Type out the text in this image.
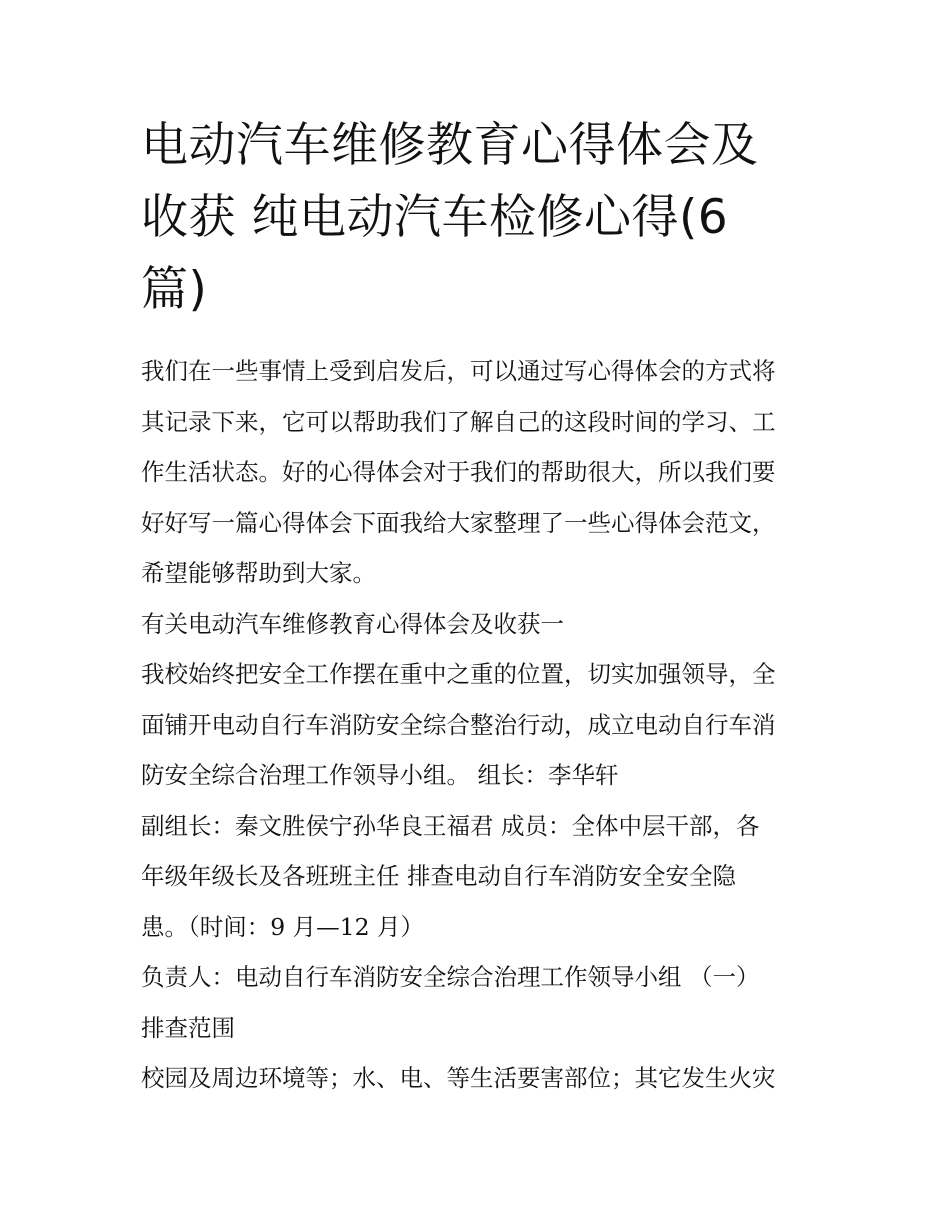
电动汽车维修教育心得体会及
收获 纯电动汽车检修心得(6
篇)
我们在一些事情上受到启发后，可以通过写心得体会的方式将
其记录下来，它可以帮助我们了解自己的这段时间的学习、工
作生活状态。好的心得体会对于我们的帮助很大，所以我们要
好好写一篇心得体会下面我给大家整理了一些心得体会范文，
希望能够帮助到大家。
有关电动汽车维修教育心得体会及收获一
我校始终把安全工作摆在重中之重的位置，切实加强领导，全
面铺开电动自行车消防安全综合整治行动，成立电动自行车消
防安全综合治理工作领导小组。 组长：李华轩
副组长：秦文胜侯宁孙华良王福君 成员：全体中层干部，各
年级年级长及各班班主任 排查电动自行车消防安全安全隐
患。（时间：9 月—12 月）
负责人：电动自行车消防安全综合治理工作领导小组 （一）
排查范围
校园及周边环境等；水、电、等生活要害部位；其它发生火灾
